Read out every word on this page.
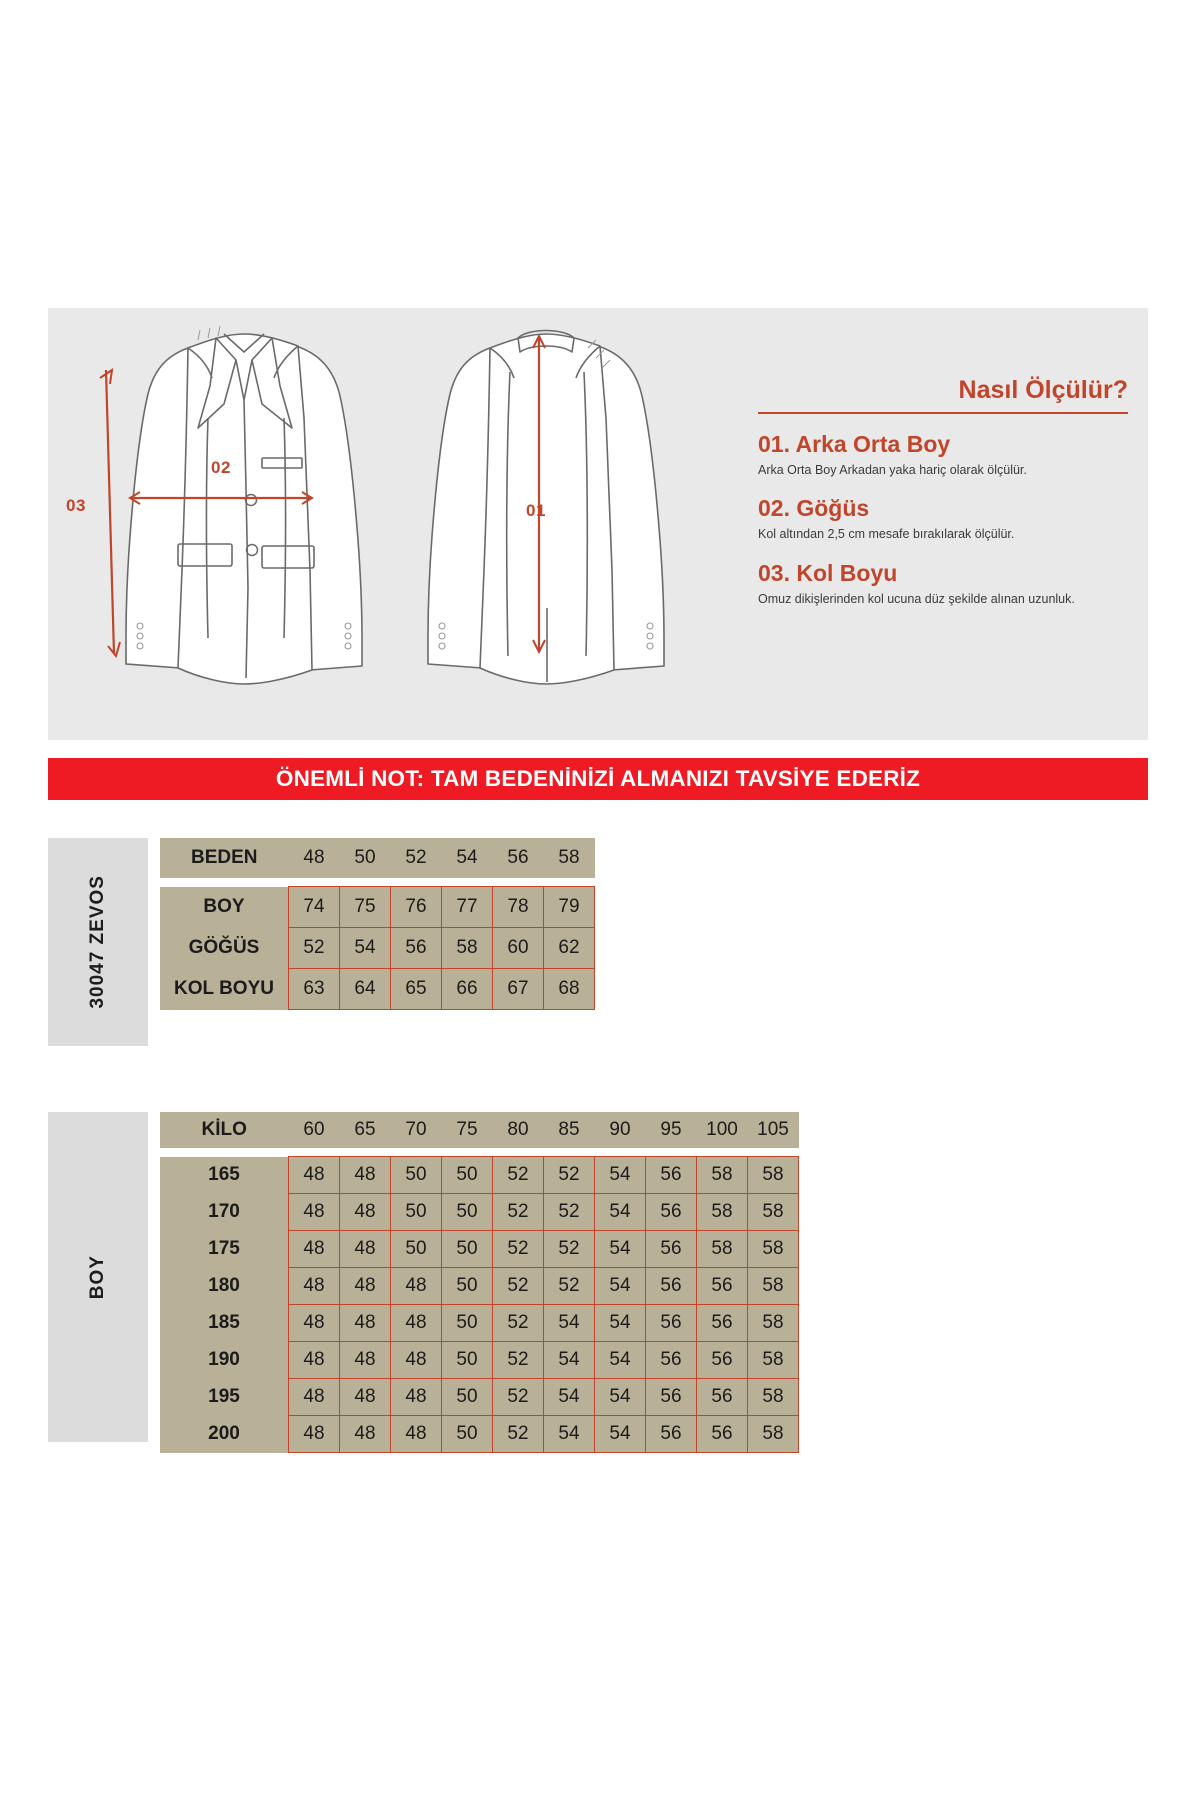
03
02
01
Nasıl Ölçülür?

01. Arka Orta Boy

Arka Orta Boy Arkadan yaka hariç olarak ölçülür.

02. Göğüs

Kol altından 2,5 cm mesafe bırakılarak ölçülür.

03. Kol Boyu

Omuz dikişlerinden kol ucuna düz şekilde alınan uzunluk.

ÖNEMLİ NOT: TAM BEDENİNİZİ ALMANIZI TAVSİYE EDERİZ
30047 ZEVOS
BEDEN	48	50	52	54	56	58

BOY	74	75	76	77	78	79
GÖĞÜS	52	54	56	58	60	62
KOL BOYU	63	64	65	66	67	68
BOY
KİLO	60	65	70	75	80	85	90	95	100	105

165	48	48	50	50	52	52	54	56	58	58
170	48	48	50	50	52	52	54	56	58	58
175	48	48	50	50	52	52	54	56	58	58
180	48	48	48	50	52	52	54	56	56	58
185	48	48	48	50	52	54	54	56	56	58
190	48	48	48	50	52	54	54	56	56	58
195	48	48	48	50	52	54	54	56	56	58
200	48	48	48	50	52	54	54	56	56	58
